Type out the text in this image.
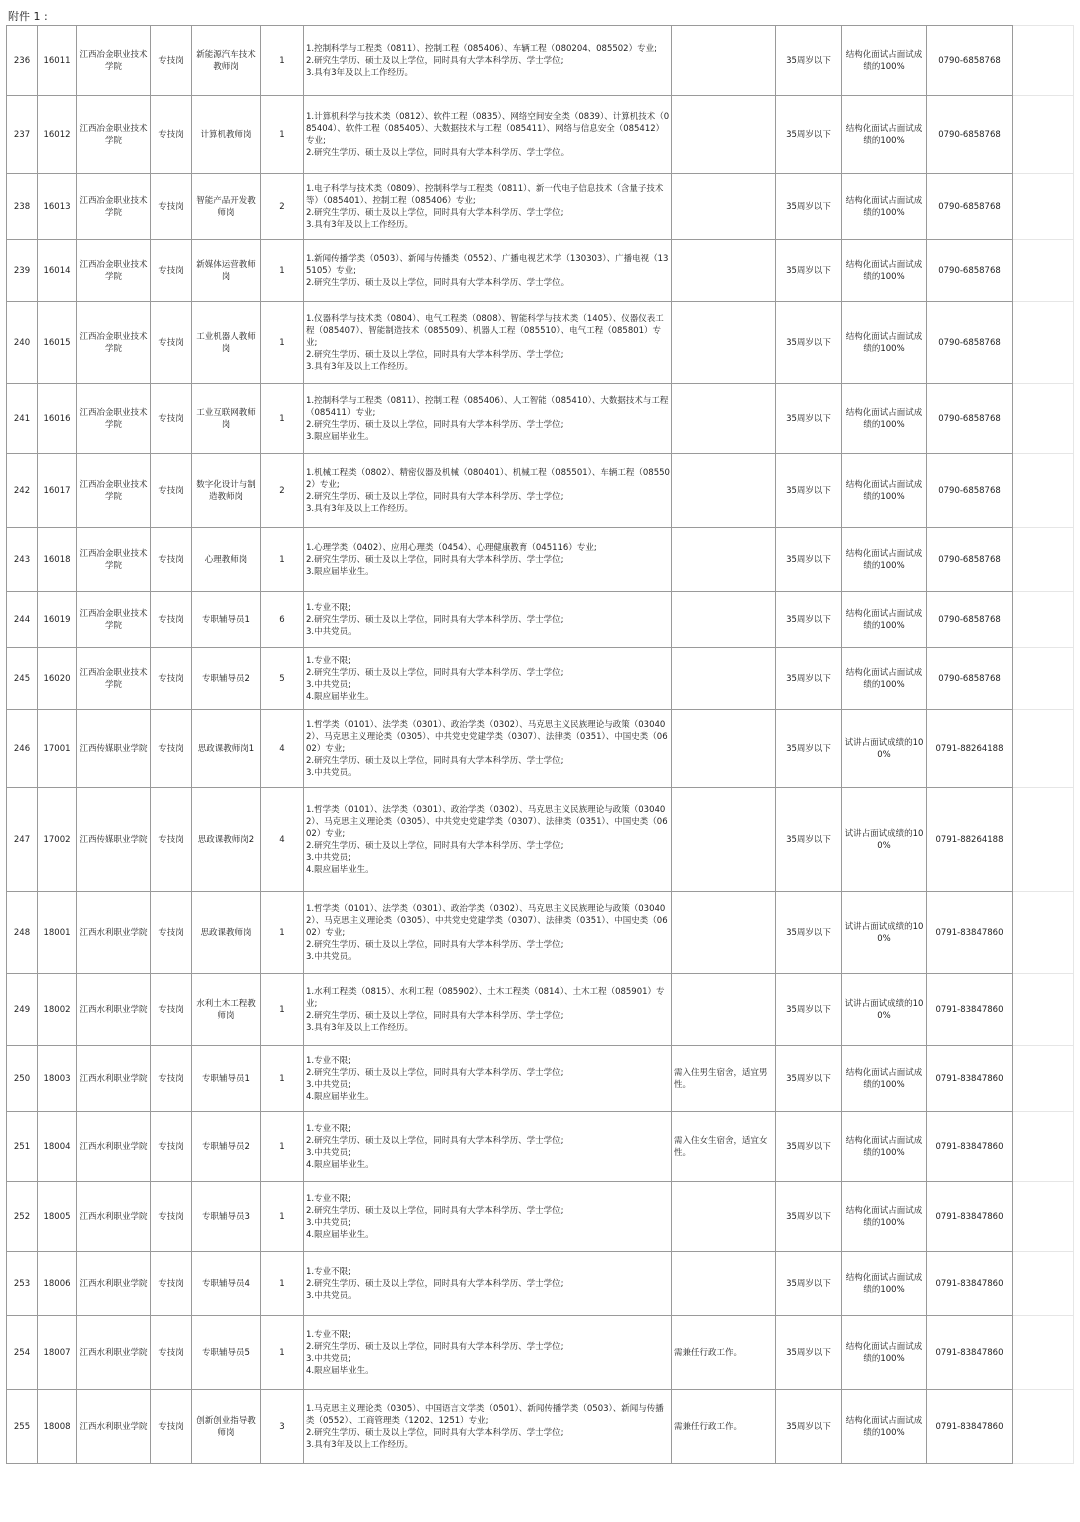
附件 1 :
236	16011	江西冶金职业技术学院	专技岗	新能源汽车技术教师岗	1	1.控制科学与工程类（0811）、控制工程（085406）、车辆工程（080204、085502）专业;
2.研究生学历、硕士及以上学位，同时具有大学本科学历、学士学位;
3.具有3年及以上工作经历。		35周岁以下	结构化面试占面试成绩的100%	0790-6858768	
237	16012	江西冶金职业技术学院	专技岗	计算机教师岗	1	1.计算机科学与技术类（0812）、软件工程（0835）、网络空间安全类（0839）、计算机技术（085404）、软件工程（085405）、大数据技术与工程（085411）、网络与信息安全（085412）专业;
2.研究生学历、硕士及以上学位，同时具有大学本科学历、学士学位。		35周岁以下	结构化面试占面试成绩的100%	0790-6858768	
238	16013	江西冶金职业技术学院	专技岗	智能产品开发教师岗	2	1.电子科学与技术类（0809）、控制科学与工程类（0811）、新一代电子信息技术（含量子技术等）（085401）、控制工程（085406）专业;
2.研究生学历、硕士及以上学位，同时具有大学本科学历、学士学位;
3.具有3年及以上工作经历。		35周岁以下	结构化面试占面试成绩的100%	0790-6858768	
239	16014	江西冶金职业技术学院	专技岗	新媒体运营教师岗	1	1.新闻传播学类（0503）、新闻与传播类（0552）、广播电视艺术学（130303）、广播电视（135105）专业;
2.研究生学历、硕士及以上学位，同时具有大学本科学历、学士学位。		35周岁以下	结构化面试占面试成绩的100%	0790-6858768	
240	16015	江西冶金职业技术学院	专技岗	工业机器人教师岗	1	1.仪器科学与技术类（0804）、电气工程类（0808）、智能科学与技术类（1405）、仪器仪表工程（085407）、智能制造技术（085509）、机器人工程（085510）、电气工程（085801）专业;
2.研究生学历、硕士及以上学位，同时具有大学本科学历、学士学位;
3.具有3年及以上工作经历。		35周岁以下	结构化面试占面试成绩的100%	0790-6858768	
241	16016	江西冶金职业技术学院	专技岗	工业互联网教师岗	1	1.控制科学与工程类（0811）、控制工程（085406）、人工智能（085410）、大数据技术与工程（085411）专业;
2.研究生学历、硕士及以上学位，同时具有大学本科学历、学士学位;
3.限应届毕业生。		35周岁以下	结构化面试占面试成绩的100%	0790-6858768	
242	16017	江西冶金职业技术学院	专技岗	数字化设计与制造教师岗	2	1.机械工程类（0802）、精密仪器及机械（080401）、机械工程（085501）、车辆工程（085502）专业;
2.研究生学历、硕士及以上学位，同时具有大学本科学历、学士学位;
3.具有3年及以上工作经历。		35周岁以下	结构化面试占面试成绩的100%	0790-6858768	
243	16018	江西冶金职业技术学院	专技岗	心理教师岗	1	1.心理学类（0402）、应用心理类（0454）、心理健康教育（045116）专业;
2.研究生学历、硕士及以上学位，同时具有大学本科学历、学士学位;
3.限应届毕业生。		35周岁以下	结构化面试占面试成绩的100%	0790-6858768	
244	16019	江西冶金职业技术学院	专技岗	专职辅导员1	6	1.专业不限;
2.研究生学历、硕士及以上学位，同时具有大学本科学历、学士学位;
3.中共党员。		35周岁以下	结构化面试占面试成绩的100%	0790-6858768	
245	16020	江西冶金职业技术学院	专技岗	专职辅导员2	5	1.专业不限;
2.研究生学历、硕士及以上学位，同时具有大学本科学历、学士学位;
3.中共党员;
4.限应届毕业生。		35周岁以下	结构化面试占面试成绩的100%	0790-6858768	
246	17001	江西传媒职业学院	专技岗	思政课教师岗1	4	1.哲学类（0101）、法学类（0301）、政治学类（0302）、马克思主义民族理论与政策（030402）、马克思主义理论类（0305）、中共党史党建学类（0307）、法律类（0351）、中国史类（0602）专业;
2.研究生学历、硕士及以上学位，同时具有大学本科学历、学士学位;
3.中共党员。		35周岁以下	试讲占面试成绩的100%	0791-88264188	
247	17002	江西传媒职业学院	专技岗	思政课教师岗2	4	1.哲学类（0101）、法学类（0301）、政治学类（0302）、马克思主义民族理论与政策（030402）、马克思主义理论类（0305）、中共党史党建学类（0307）、法律类（0351）、中国史类（0602）专业;
2.研究生学历、硕士及以上学位，同时具有大学本科学历、学士学位;
3.中共党员;
4.限应届毕业生。		35周岁以下	试讲占面试成绩的100%	0791-88264188	
248	18001	江西水利职业学院	专技岗	思政课教师岗	1	1.哲学类（0101）、法学类（0301）、政治学类（0302）、马克思主义民族理论与政策（030402）、马克思主义理论类（0305）、中共党史党建学类（0307）、法律类（0351）、中国史类（0602）专业;
2.研究生学历、硕士及以上学位，同时具有大学本科学历、学士学位;
3.中共党员。		35周岁以下	试讲占面试成绩的100%	0791-83847860	
249	18002	江西水利职业学院	专技岗	水利土木工程教师岗	1	1.水利工程类（0815）、水利工程（085902）、土木工程类（0814）、土木工程（085901）专业;
2.研究生学历、硕士及以上学位，同时具有大学本科学历、学士学位;
3.具有3年及以上工作经历。		35周岁以下	试讲占面试成绩的100%	0791-83847860	
250	18003	江西水利职业学院	专技岗	专职辅导员1	1	1.专业不限;
2.研究生学历、硕士及以上学位，同时具有大学本科学历、学士学位;
3.中共党员;
4.限应届毕业生。	需入住男生宿舍，适宜男性。	35周岁以下	结构化面试占面试成绩的100%	0791-83847860	
251	18004	江西水利职业学院	专技岗	专职辅导员2	1	1.专业不限;
2.研究生学历、硕士及以上学位，同时具有大学本科学历、学士学位;
3.中共党员;
4.限应届毕业生。	需入住女生宿舍，适宜女性。	35周岁以下	结构化面试占面试成绩的100%	0791-83847860	
252	18005	江西水利职业学院	专技岗	专职辅导员3	1	1.专业不限;
2.研究生学历、硕士及以上学位，同时具有大学本科学历、学士学位;
3.中共党员;
4.限应届毕业生。		35周岁以下	结构化面试占面试成绩的100%	0791-83847860	
253	18006	江西水利职业学院	专技岗	专职辅导员4	1	1.专业不限;
2.研究生学历、硕士及以上学位，同时具有大学本科学历、学士学位;
3.中共党员。		35周岁以下	结构化面试占面试成绩的100%	0791-83847860	
254	18007	江西水利职业学院	专技岗	专职辅导员5	1	1.专业不限;
2.研究生学历、硕士及以上学位，同时具有大学本科学历、学士学位;
3.中共党员;
4.限应届毕业生。	需兼任行政工作。	35周岁以下	结构化面试占面试成绩的100%	0791-83847860	
255	18008	江西水利职业学院	专技岗	创新创业指导教师岗	3	1.马克思主义理论类（0305）、中国语言文学类（0501）、新闻传播学类（0503）、新闻与传播类（0552）、工商管理类（1202、1251）专业;
2.研究生学历、硕士及以上学位，同时具有大学本科学历、学士学位;
3.具有3年及以上工作经历。	需兼任行政工作。	35周岁以下	结构化面试占面试成绩的100%	0791-83847860	
